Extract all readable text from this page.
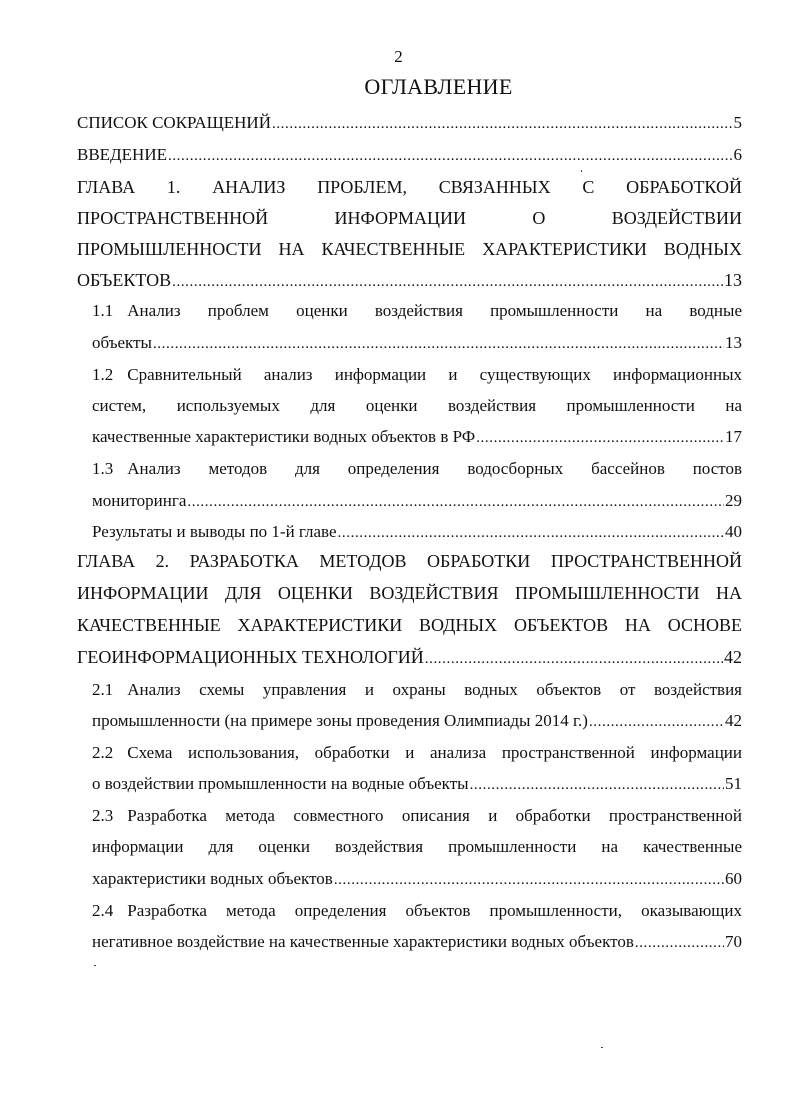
2
ОГЛАВЛЕНИЕ
СПИСОК СОКРАЩЕНИЙ .....	5
ВВЕДЕНИЕ .....	6
ГЛАВА 1. АНАЛИЗ ПРОБЛЕМ, СВЯЗАННЫХ С ОБРАБОТКОЙ
ПРОСТРАНСТВЕННОЙ ИНФОРМАЦИИ О ВОЗДЕЙСТВИИ
ПРОМЫШЛЕННОСТИ НА КАЧЕСТВЕННЫЕ ХАРАКТЕРИСТИКИ ВОДНЫХ
ОБЪЕКТОВ .....	13
1.1 Анализ проблем оценки воздействия промышленности на водные
объекты .....	13
1.2 Сравнительный анализ информации и существующих информационных
систем, используемых для оценки воздействия промышленности на
качественные характеристики водных объектов в РФ .....	17
1.3 Анализ методов для определения водосборных бассейнов постов
мониторинга .....	29
Результаты и выводы по 1-й главе .....	40
ГЛАВА 2. РАЗРАБОТКА МЕТОДОВ ОБРАБОТКИ ПРОСТРАНСТВЕННОЙ
ИНФОРМАЦИИ ДЛЯ ОЦЕНКИ ВОЗДЕЙСТВИЯ ПРОМЫШЛЕННОСТИ НА
КАЧЕСТВЕННЫЕ ХАРАКТЕРИСТИКИ ВОДНЫХ ОБЪЕКТОВ НА ОСНОВЕ
ГЕОИНФОРМАЦИОННЫХ ТЕХНОЛОГИЙ .....	42
2.1 Анализ схемы управления и охраны водных объектов от воздействия
промышленности (на примере зоны проведения Олимпиады 2014 г.) .....	42
2.2 Схема использования, обработки и анализа пространственной информации
о воздействии промышленности на водные объекты .....	51
2.3 Разработка метода совместного описания и обработки пространственной
информации для оценки воздействия промышленности на качественные
характеристики водных объектов .....	60
2.4 Разработка метода определения объектов промышленности, оказывающих
негативное воздействие на качественные характеристики водных объектов .....	70
